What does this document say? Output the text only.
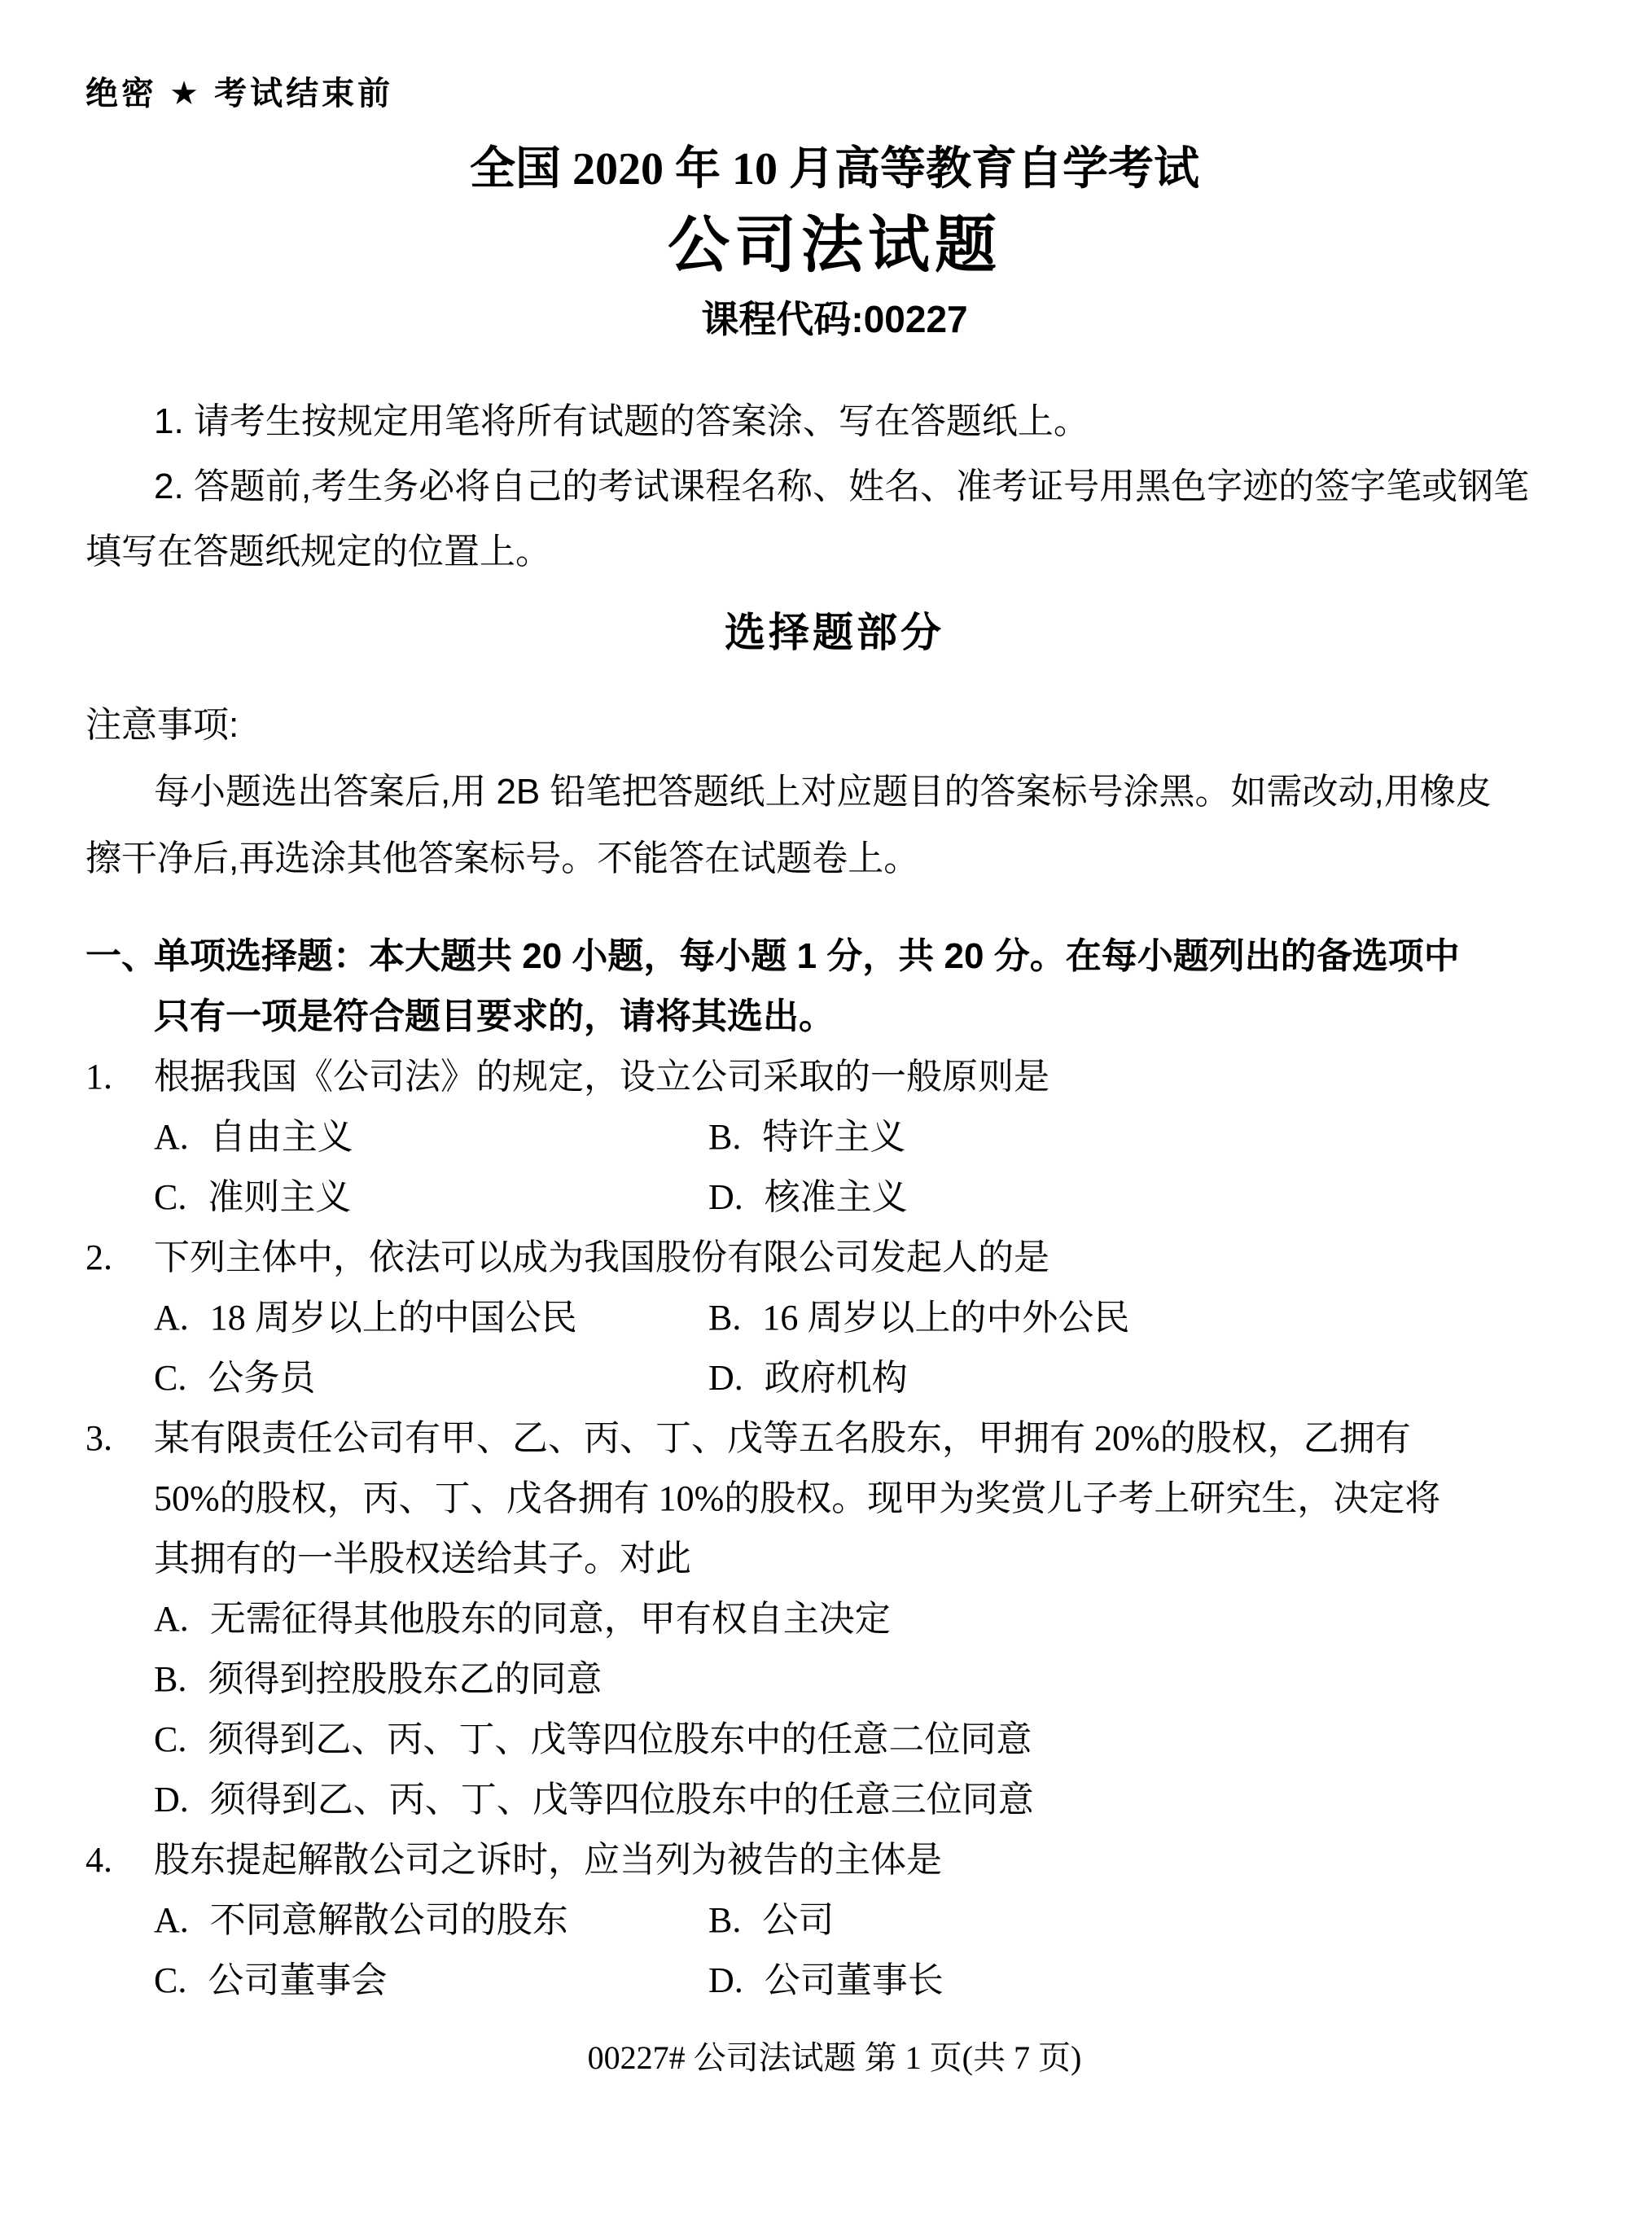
绝密 ★ 考试结束前
全国 2020 年 10 月高等教育自学考试
公司法试题
课程代码:00227
1. 请考生按规定用笔将所有试题的答案涂、写在答题纸上。
2. 答题前,考生务必将自己的考试课程名称、姓名、准考证号用黑色字迹的签字笔或钢笔
填写在答题纸规定的位置上。
选择题部分
注意事项:
每小题选出答案后,用 2B 铅笔把答题纸上对应题目的答案标号涂黑。如需改动,用橡皮
擦干净后,再选涂其他答案标号。不能答在试题卷上。
一、单项选择题：本大题共 20 小题，每小题 1 分，共 20 分。在每小题列出的备选项中
只有一项是符合题目要求的，请将其选出。
1. 根据我国《公司法》的规定，设立公司采取的一般原则是
A. 自由主义	B. 特许主义
C. 准则主义	D. 核准主义
2. 下列主体中，依法可以成为我国股份有限公司发起人的是
A. 18 周岁以上的中国公民	B. 16 周岁以上的中外公民
C. 公务员	D. 政府机构
3. 某有限责任公司有甲、乙、丙、丁、戊等五名股东，甲拥有 20%的股权，乙拥有
50%的股权，丙、丁、戊各拥有 10%的股权。现甲为奖赏儿子考上研究生，决定将
其拥有的一半股权送给其子。对此
A. 无需征得其他股东的同意，甲有权自主决定
B. 须得到控股股东乙的同意
C. 须得到乙、丙、丁、戊等四位股东中的任意二位同意
D. 须得到乙、丙、丁、戊等四位股东中的任意三位同意
4. 股东提起解散公司之诉时，应当列为被告的主体是
A. 不同意解散公司的股东	B. 公司
C. 公司董事会	D. 公司董事长
00227# 公司法试题 第 1 页(共 7 页)
